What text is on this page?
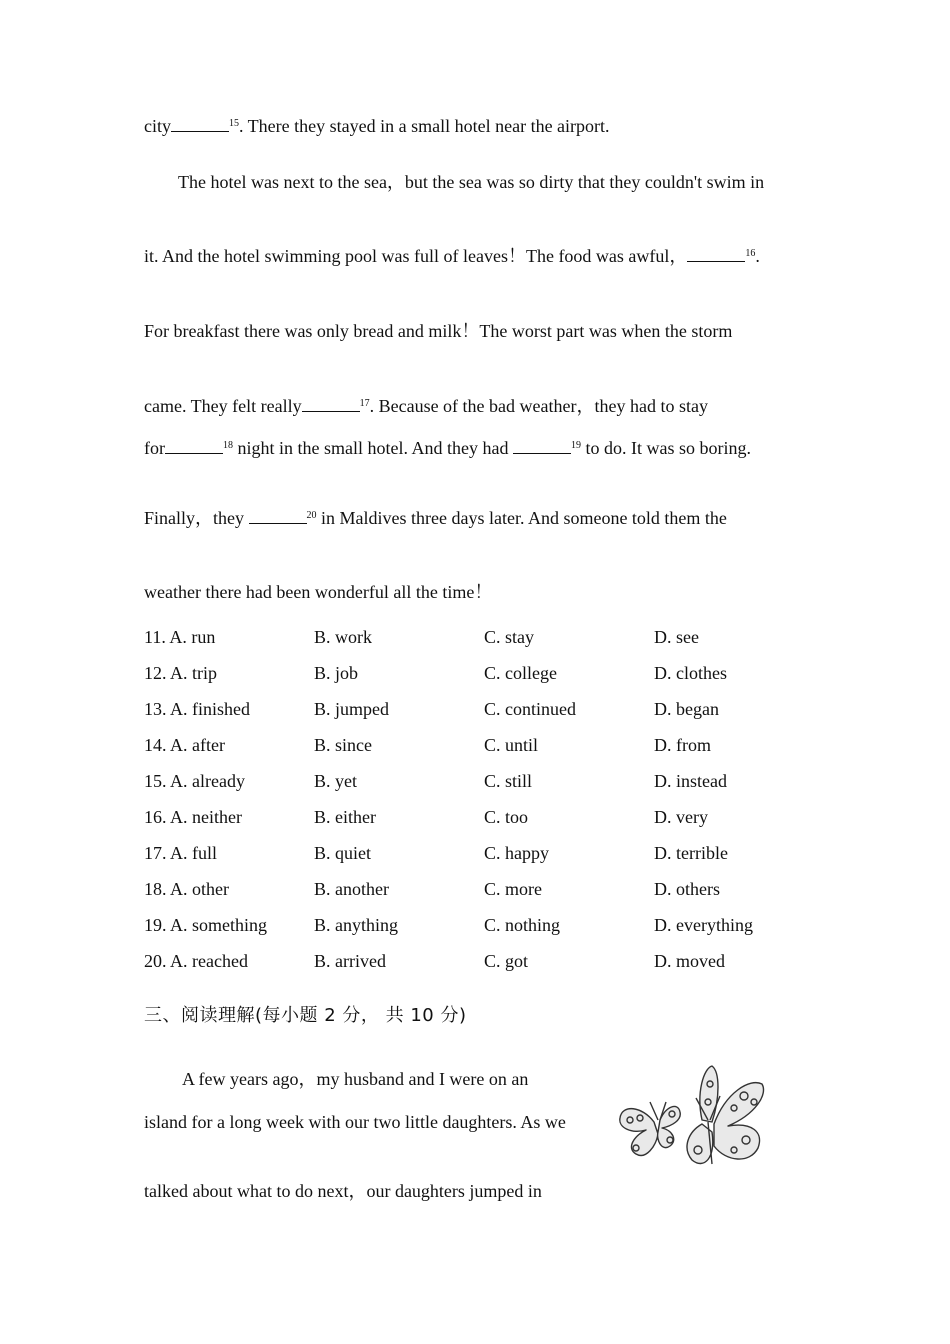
city	$^{15}$. There they stayed in a small hotel near the airport.
The hotel was next to the sea，but the sea was so dirty that they couldn't swim in
it. And the hotel swimming pool was full of leaves！The food was awful，	$^{16}$.
For breakfast there was only bread and milk！The worst part was when the storm
came. They felt really	$^{17}$. Because of the bad weather，they had to stay
for	$^{18}$ night in the small hotel. And they had	$^{19}$ to do. It was so boring.
Finally，they	$^{20}$ in Maldives three days later. And someone told them the
weather there had been wonderful all the time！
11. A. run	B. work	C. stay	D. see
12. A. trip	B. job	C. college	D. clothes
13. A. finished	B. jumped	C. continued	D. began
14. A. after	B. since	C. until	D. from
15. A. already	B. yet	C. still	D. instead
16. A. neither	B. either	C. too	D. very
17. A. full	B. quiet	C. happy	D. terrible
18. A. other	B. another	C. more	D. others
19. A. something	B. anything	C. nothing	D. everything
20. A. reached	B. arrived	C. got	D. moved
三、阅读理解(每小题 2 分， 共 10 分)
A few years ago，my husband and I were on an
island for a long week with our two little daughters. As we
talked about what to do next，our daughters jumped in
